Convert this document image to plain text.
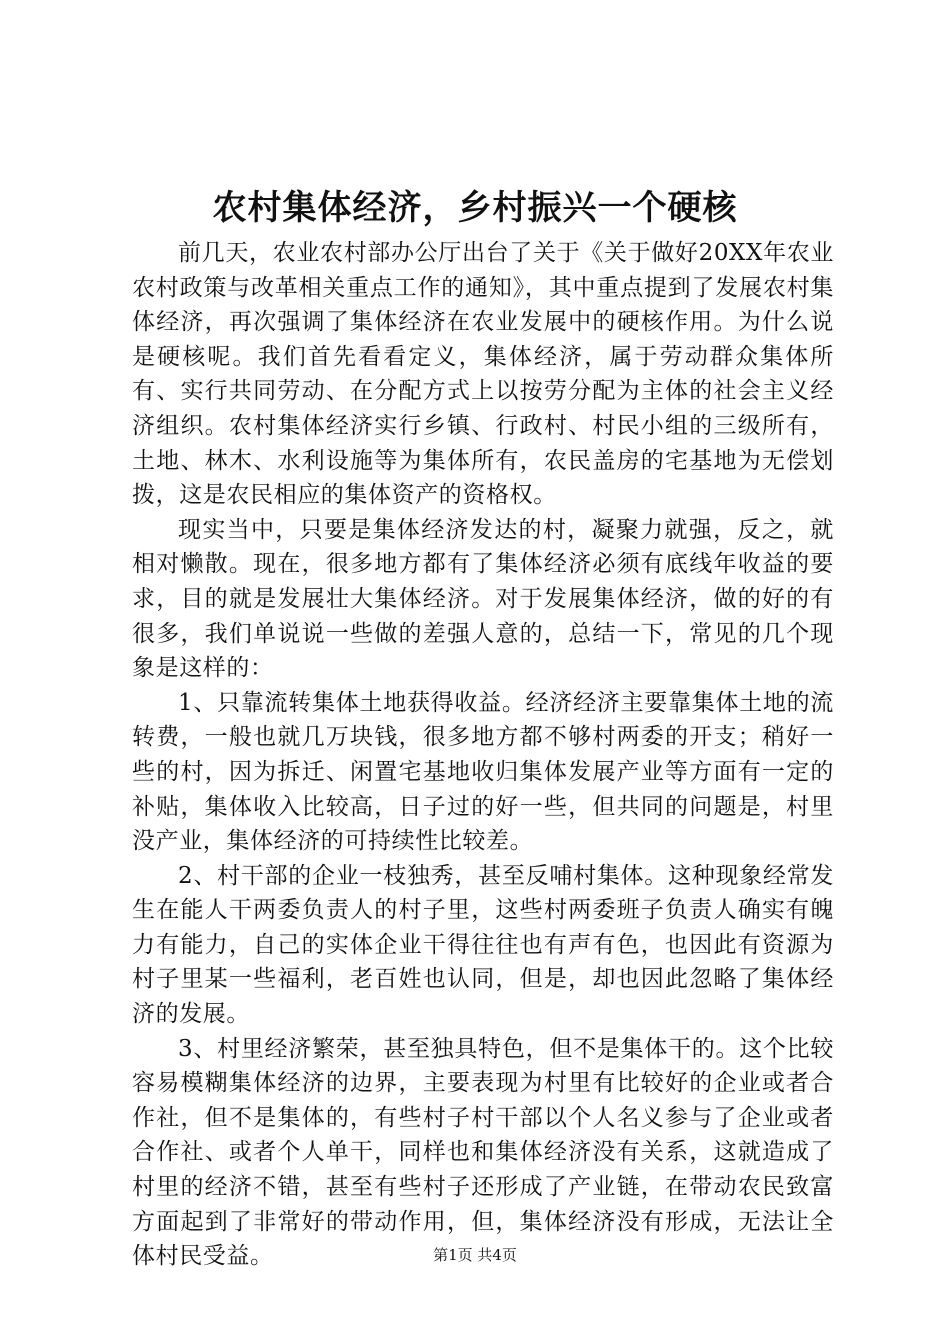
农村集体经济，乡村振兴一个硬核

前几天，农业农村部办公厅出台了关于《关于做好20XX年农业农村政策与改革相关重点工作的通知》，其中重点提到了发展农村集体经济，再次强调了集体经济在农业发展中的硬核作用。为什么说是硬核呢。我们首先看看定义，集体经济，属于劳动群众集体所有、实行共同劳动、在分配方式上以按劳分配为主体的社会主义经济组织。农村集体经济实行乡镇、行政村、村民小组的三级所有，土地、林木、水利设施等为集体所有，农民盖房的宅基地为无偿划拨，这是农民相应的集体资产的资格权。

现实当中，只要是集体经济发达的村，凝聚力就强，反之，就相对懒散。现在，很多地方都有了集体经济必须有底线年收益的要求，目的就是发展壮大集体经济。对于发展集体经济，做的好的有很多，我们单说说一些做的差强人意的，总结一下，常见的几个现象是这样的：

1、只靠流转集体土地获得收益。经济经济主要靠集体土地的流转费，一般也就几万块钱，很多地方都不够村两委的开支；稍好一些的村，因为拆迁、闲置宅基地收归集体发展产业等方面有一定的补贴，集体收入比较高，日子过的好一些，但共同的问题是，村里没产业，集体经济的可持续性比较差。

2、村干部的企业一枝独秀，甚至反哺村集体。这种现象经常发生在能人干两委负责人的村子里，这些村两委班子负责人确实有魄力有能力，自己的实体企业干得往往也有声有色，也因此有资源为村子里某一些福利，老百姓也认同，但是，却也因此忽略了集体经济的发展。

3、村里经济繁荣，甚至独具特色，但不是集体干的。这个比较容易模糊集体经济的边界，主要表现为村里有比较好的企业或者合作社，但不是集体的，有些村子村干部以个人名义参与了企业或者合作社、或者个人单干，同样也和集体经济没有关系，这就造成了村里的经济不错，甚至有些村子还形成了产业链，在带动农民致富方面起到了非常好的带动作用，但，集体经济没有形成，无法让全体村民受益。	第1页 共4页
